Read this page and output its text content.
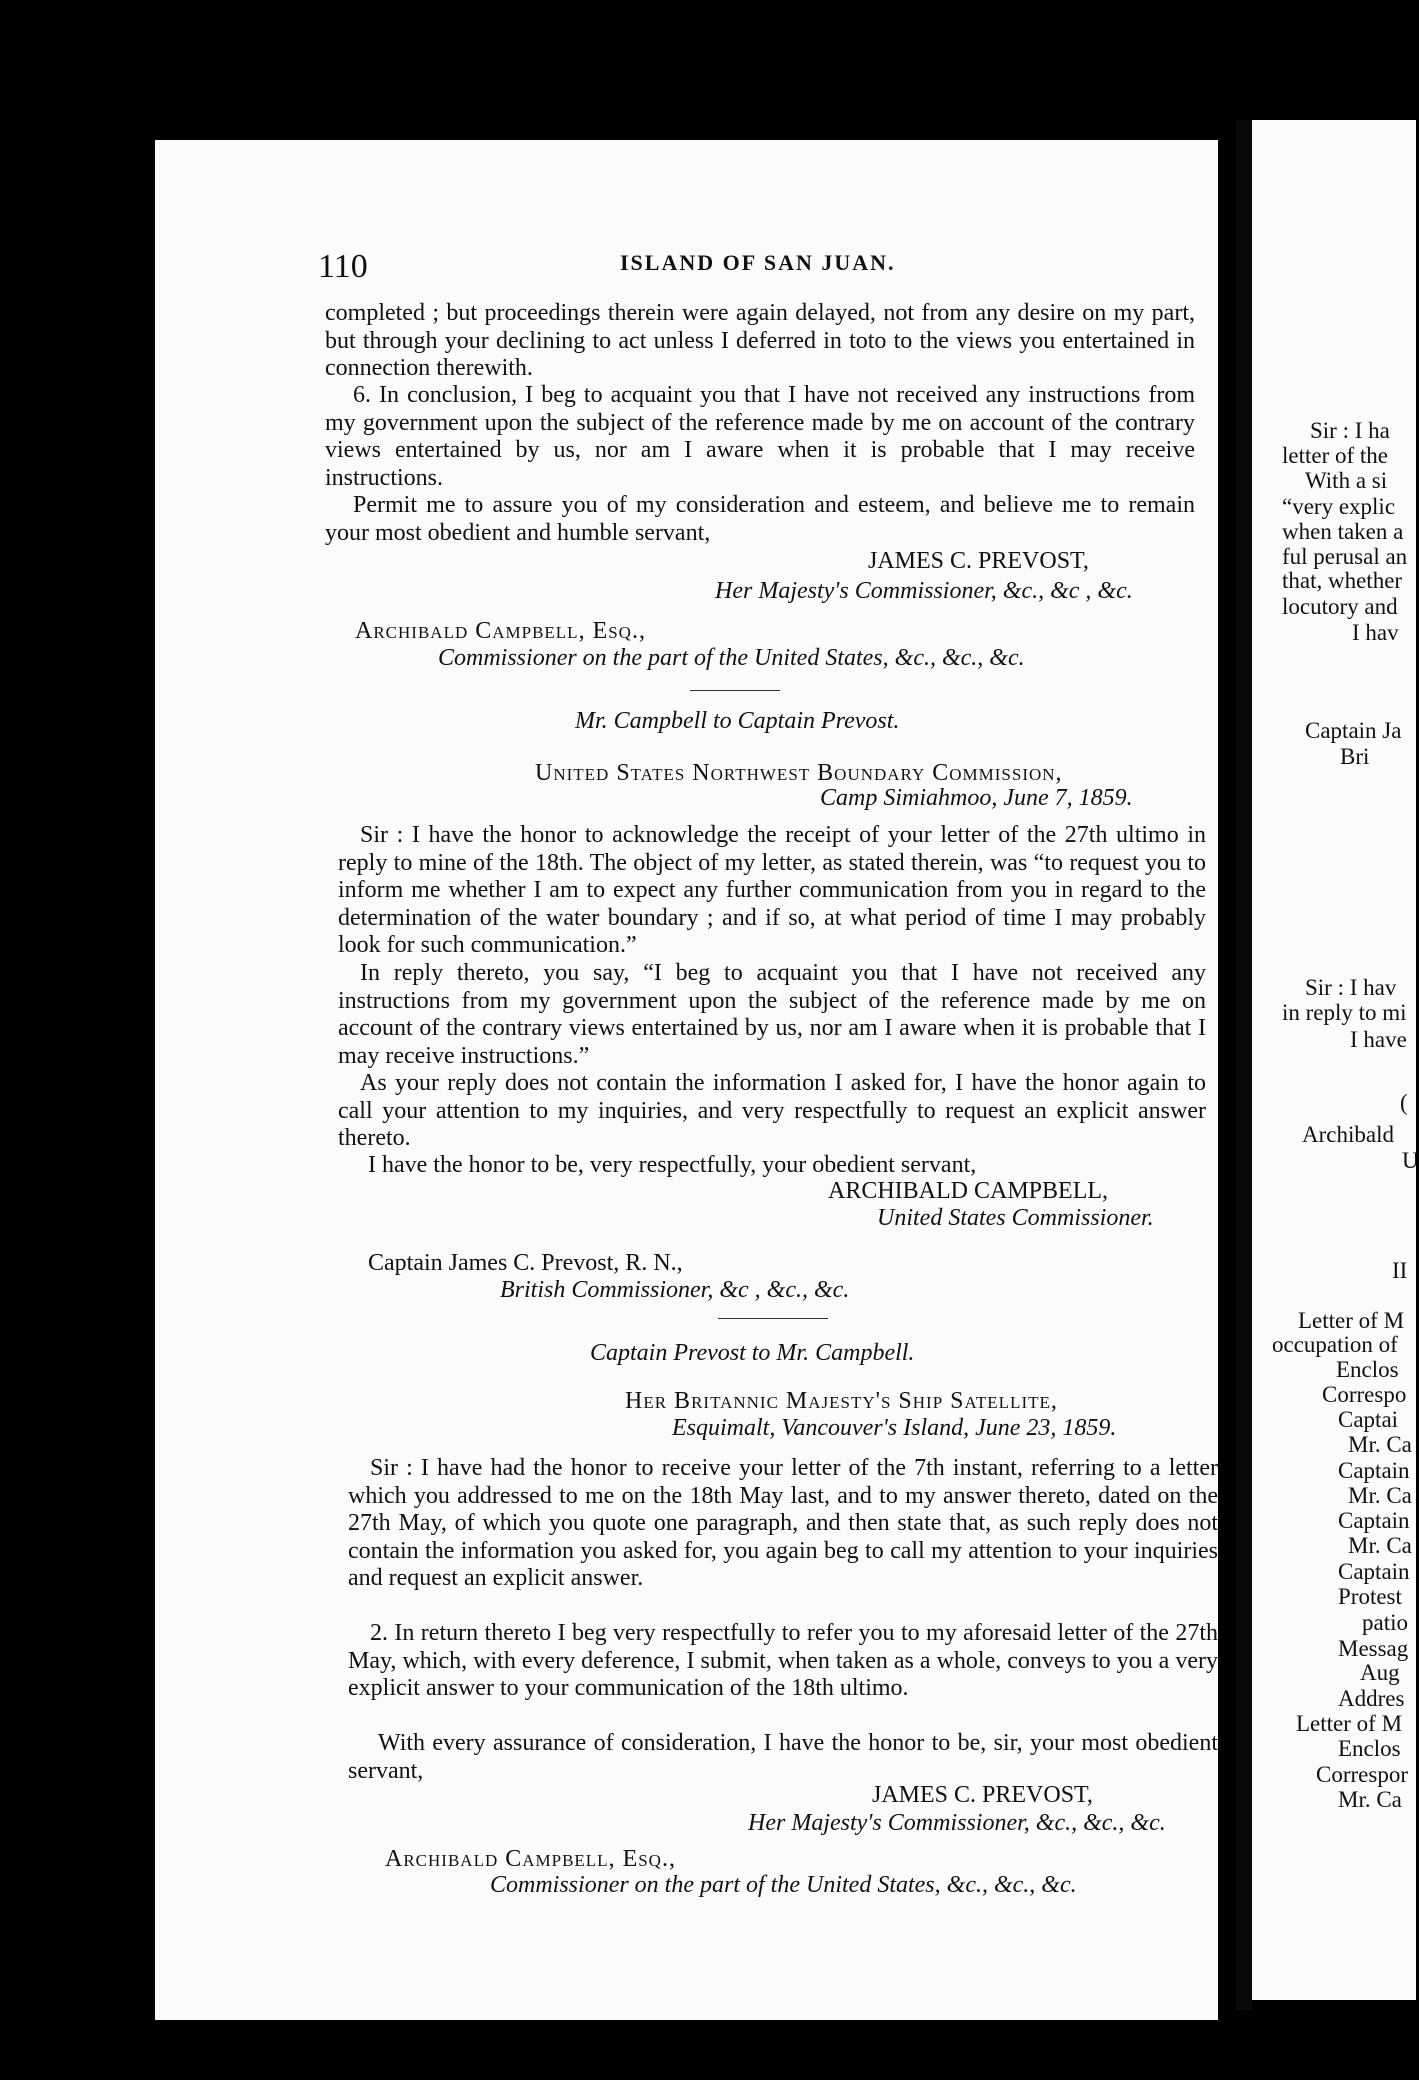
110	ISLAND OF SAN JUAN.
completed ; but proceedings therein were again delayed, not from any desire on my part, but through your declining to act unless I deferred in toto to the views you entertained in connection therewith.
6. In conclusion, I beg to acquaint you that I have not received any instructions from my government upon the subject of the reference made by me on account of the contrary views entertained by us, nor am I aware when it is probable that I may receive instructions.
Permit me to assure you of my consideration and esteem, and believe me to remain your most obedient and humble servant,
JAMES C. PREVOST,
Her Majesty's Commissioner, &c., &c , &c.
Archibald Campbell, Esq.,
Commissioner on the part of the United States, &c., &c., &c.
Mr. Campbell to Captain Prevost.
United States Northwest Boundary Commission,
Camp Simiahmoo, June 7, 1859.
Sir : I have the honor to acknowledge the receipt of your letter of the 27th ultimo in reply to mine of the 18th. The object of my letter, as stated therein, was “to request you to inform me whether I am to expect any further communication from you in regard to the determination of the water boundary ; and if so, at what period of time I may probably look for such communication.”
In reply thereto, you say, “I beg to acquaint you that I have not received any instructions from my government upon the subject of the reference made by me on account of the contrary views entertained by us, nor am I aware when it is probable that I may receive instructions.”
As your reply does not contain the information I asked for, I have the honor again to call your attention to my inquiries, and very respectfully to request an explicit answer thereto.
I have the honor to be, very respectfully, your obedient servant,
ARCHIBALD CAMPBELL,
United States Commissioner.
Captain James C. Prevost, R. N.,
British Commissioner, &c , &c., &c.
Captain Prevost to Mr. Campbell.
Her Britannic Majesty's Ship Satellite,
Esquimalt, Vancouver's Island, June 23, 1859.
Sir : I have had the honor to receive your letter of the 7th instant, referring to a letter which you addressed to me on the 18th May last, and to my answer thereto, dated on the 27th May, of which you quote one paragraph, and then state that, as such reply does not contain the information you asked for, you again beg to call my attention to your inquiries and request an explicit answer.
2. In return thereto I beg very respectfully to refer you to my aforesaid letter of the 27th May, which, with every deference, I submit, when taken as a whole, conveys to you a very explicit answer to your communication of the 18th ultimo.
With every assurance of consideration, I have the honor to be, sir, your most obedient servant,
JAMES C. PREVOST,
Her Majesty's Commissioner, &c., &c., &c.
Archibald Campbell, Esq.,
Commissioner on the part of the United States, &c., &c., &c.
Sir : I ha
letter of the
With a si
“very explic
when taken a
ful perusal an
that, whether
locutory and
I hav
Captain Ja
Bri
Sir : I hav
in reply to mi
I have
(
Archibald
U
II
Letter of M
occupation of
Enclos
Correspo
Captai
Mr. Ca
Captain
Mr. Ca
Captain
Mr. Ca
Captain
Protest
patio
Messag
Aug
Addres
Letter of M
Enclos
Correspor
Mr. Ca
